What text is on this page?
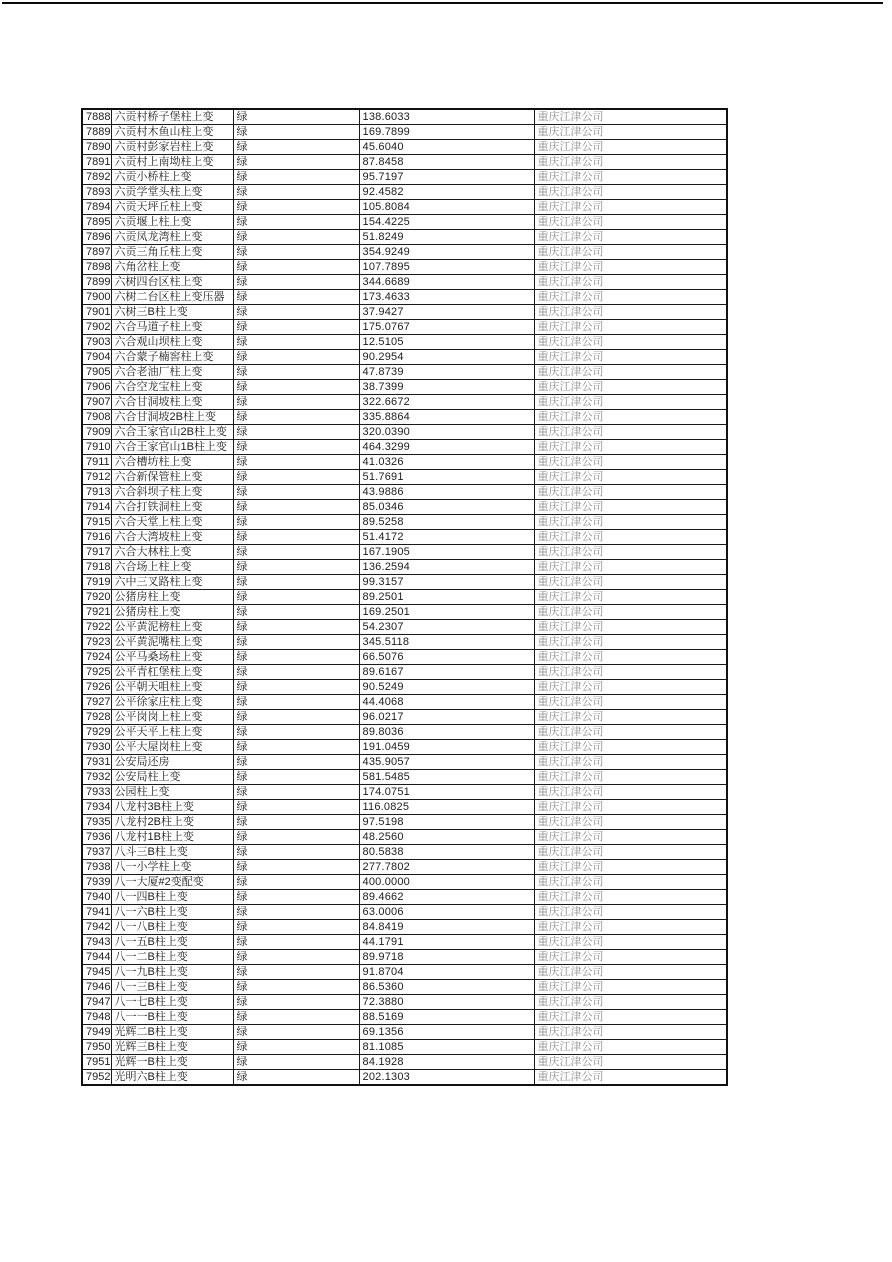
7888	六贡村桥子堡柱上变	绿	138.6033	重庆江津公司
7889	六贡村木鱼山柱上变	绿	169.7899	重庆江津公司
7890	六贡村彭家岩柱上变	绿	45.6040	重庆江津公司
7891	六贡村上南坳柱上变	绿	87.8458	重庆江津公司
7892	六贡小桥柱上变	绿	95.7197	重庆江津公司
7893	六贡学堂头柱上变	绿	92.4582	重庆江津公司
7894	六贡天坪丘柱上变	绿	105.8084	重庆江津公司
7895	六贡堰上柱上变	绿	154.4225	重庆江津公司
7896	六贡凤龙湾柱上变	绿	51.8249	重庆江津公司
7897	六贡三角丘柱上变	绿	354.9249	重庆江津公司
7898	六角岔柱上变	绿	107.7895	重庆江津公司
7899	六树四台区柱上变	绿	344.6689	重庆江津公司
7900	六树二台区柱上变压器	绿	173.4633	重庆江津公司
7901	六树三B柱上变	绿	37.9427	重庆江津公司
7902	六合马道子柱上变	绿	175.0767	重庆江津公司
7903	六合观山坝柱上变	绿	12.5105	重庆江津公司
7904	六合蒙子楠窖柱上变	绿	90.2954	重庆江津公司
7905	六合老油厂柱上变	绿	47.8739	重庆江津公司
7906	六合空龙宝柱上变	绿	38.7399	重庆江津公司
7907	六合甘洞坡柱上变	绿	322.6672	重庆江津公司
7908	六合甘洞坡2B柱上变	绿	335.8864	重庆江津公司
7909	六合王家官山2B柱上变	绿	320.0390	重庆江津公司
7910	六合王家官山1B柱上变	绿	464.3299	重庆江津公司
7911	六合槽坊柱上变	绿	41.0326	重庆江津公司
7912	六合新保管柱上变	绿	51.7691	重庆江津公司
7913	六合斜坝子柱上变	绿	43.9886	重庆江津公司
7914	六合打铁洞柱上变	绿	85.0346	重庆江津公司
7915	六合天堂上柱上变	绿	89.5258	重庆江津公司
7916	六合大湾坡柱上变	绿	51.4172	重庆江津公司
7917	六合大林柱上变	绿	167.1905	重庆江津公司
7918	六合场上柱上变	绿	136.2594	重庆江津公司
7919	六中三叉路柱上变	绿	99.3157	重庆江津公司
7920	公猪房柱上变	绿	89.2501	重庆江津公司
7921	公猪房柱上变	绿	169.2501	重庆江津公司
7922	公平黄泥榜柱上变	绿	54.2307	重庆江津公司
7923	公平黄泥嘴柱上变	绿	345.5118	重庆江津公司
7924	公平马桑场柱上变	绿	66.5076	重庆江津公司
7925	公平青杠堡柱上变	绿	89.6167	重庆江津公司
7926	公平朝天咀柱上变	绿	90.5249	重庆江津公司
7927	公平徐家庄柱上变	绿	44.4068	重庆江津公司
7928	公平岗岗上柱上变	绿	96.0217	重庆江津公司
7929	公平天平上柱上变	绿	89.8036	重庆江津公司
7930	公平大屋岗柱上变	绿	191.0459	重庆江津公司
7931	公安局还房	绿	435.9057	重庆江津公司
7932	公安局柱上变	绿	581.5485	重庆江津公司
7933	公园柱上变	绿	174.0751	重庆江津公司
7934	八龙村3B柱上变	绿	116.0825	重庆江津公司
7935	八龙村2B柱上变	绿	97.5198	重庆江津公司
7936	八龙村1B柱上变	绿	48.2560	重庆江津公司
7937	八斗三B柱上变	绿	80.5838	重庆江津公司
7938	八一小学柱上变	绿	277.7802	重庆江津公司
7939	八一大厦#2变配变	绿	400.0000	重庆江津公司
7940	八一四B柱上变	绿	89.4662	重庆江津公司
7941	八一六B柱上变	绿	63.0006	重庆江津公司
7942	八一八B柱上变	绿	84.8419	重庆江津公司
7943	八一五B柱上变	绿	44.1791	重庆江津公司
7944	八一二B柱上变	绿	89.9718	重庆江津公司
7945	八一九B柱上变	绿	91.8704	重庆江津公司
7946	八一三B柱上变	绿	86.5360	重庆江津公司
7947	八一七B柱上变	绿	72.3880	重庆江津公司
7948	八一一B柱上变	绿	88.5169	重庆江津公司
7949	光辉二B柱上变	绿	69.1356	重庆江津公司
7950	光辉三B柱上变	绿	81.1085	重庆江津公司
7951	光辉一B柱上变	绿	84.1928	重庆江津公司
7952	光明六B柱上变	绿	202.1303	重庆江津公司
